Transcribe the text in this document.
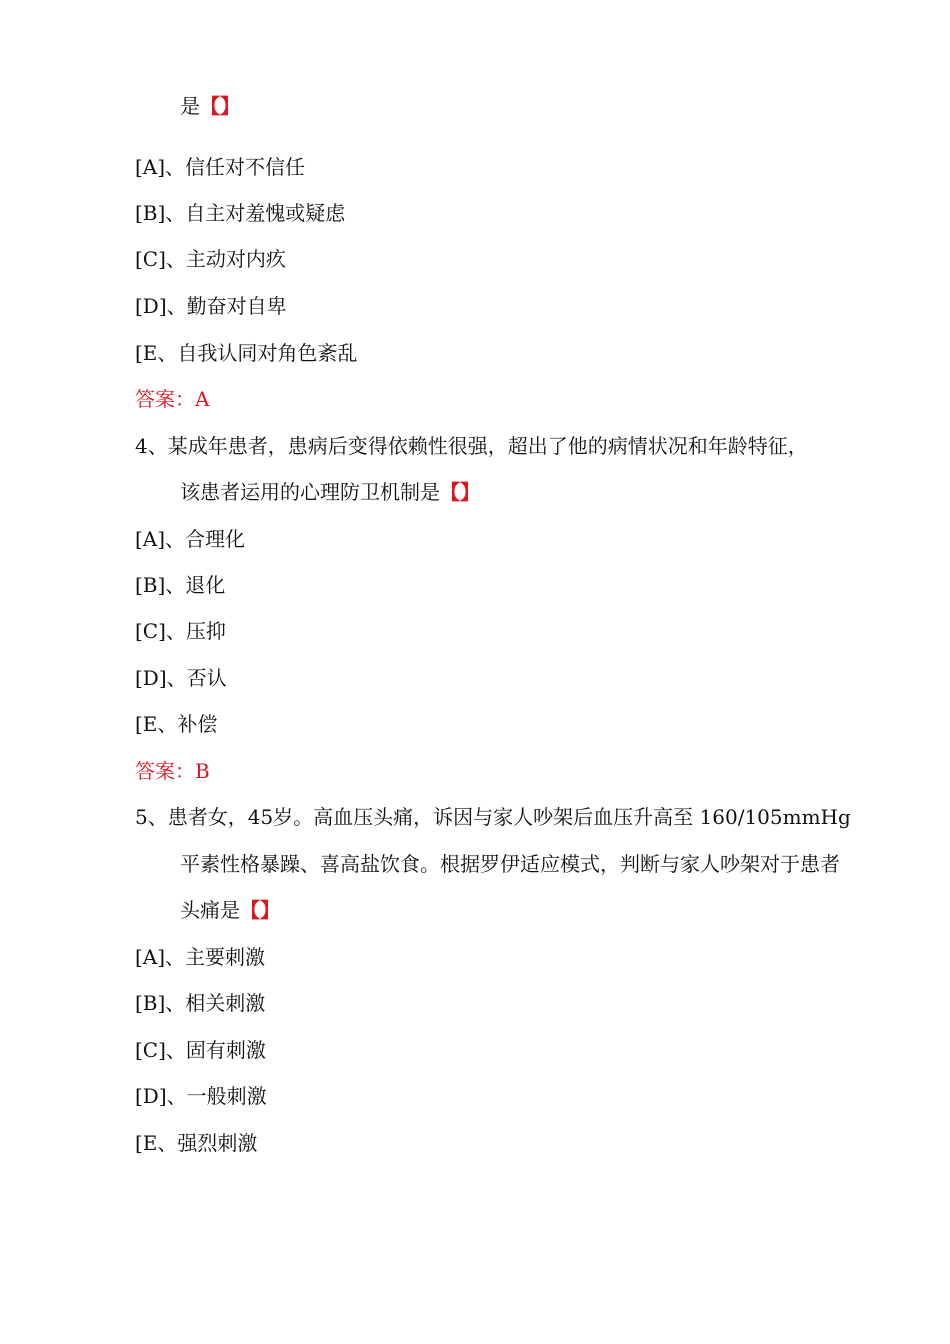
是【】
[A]、信任对不信任
[B]、自主对羞愧或疑虑
[C]、主动对内疚
[D]、勤奋对自卑
[E、自我认同对角色紊乱
答案：A
4、某成年患者，患病后变得依赖性很强，超出了他的病情状况和年龄特征，
该患者运用的心理防卫机制是【】
[A]、合理化
[B]、退化
[C]、压抑
[D]、否认
[E、补偿
答案：B
5、患者女，45岁。高血压头痛，诉因与家人吵架后血压升高至 160/105mmHg
平素性格暴躁、喜高盐饮食。根据罗伊适应模式，判断与家人吵架对于患者
头痛是【】
[A]、主要刺激
[B]、相关刺激
[C]、固有刺激
[D]、一般刺激
[E、强烈刺激
